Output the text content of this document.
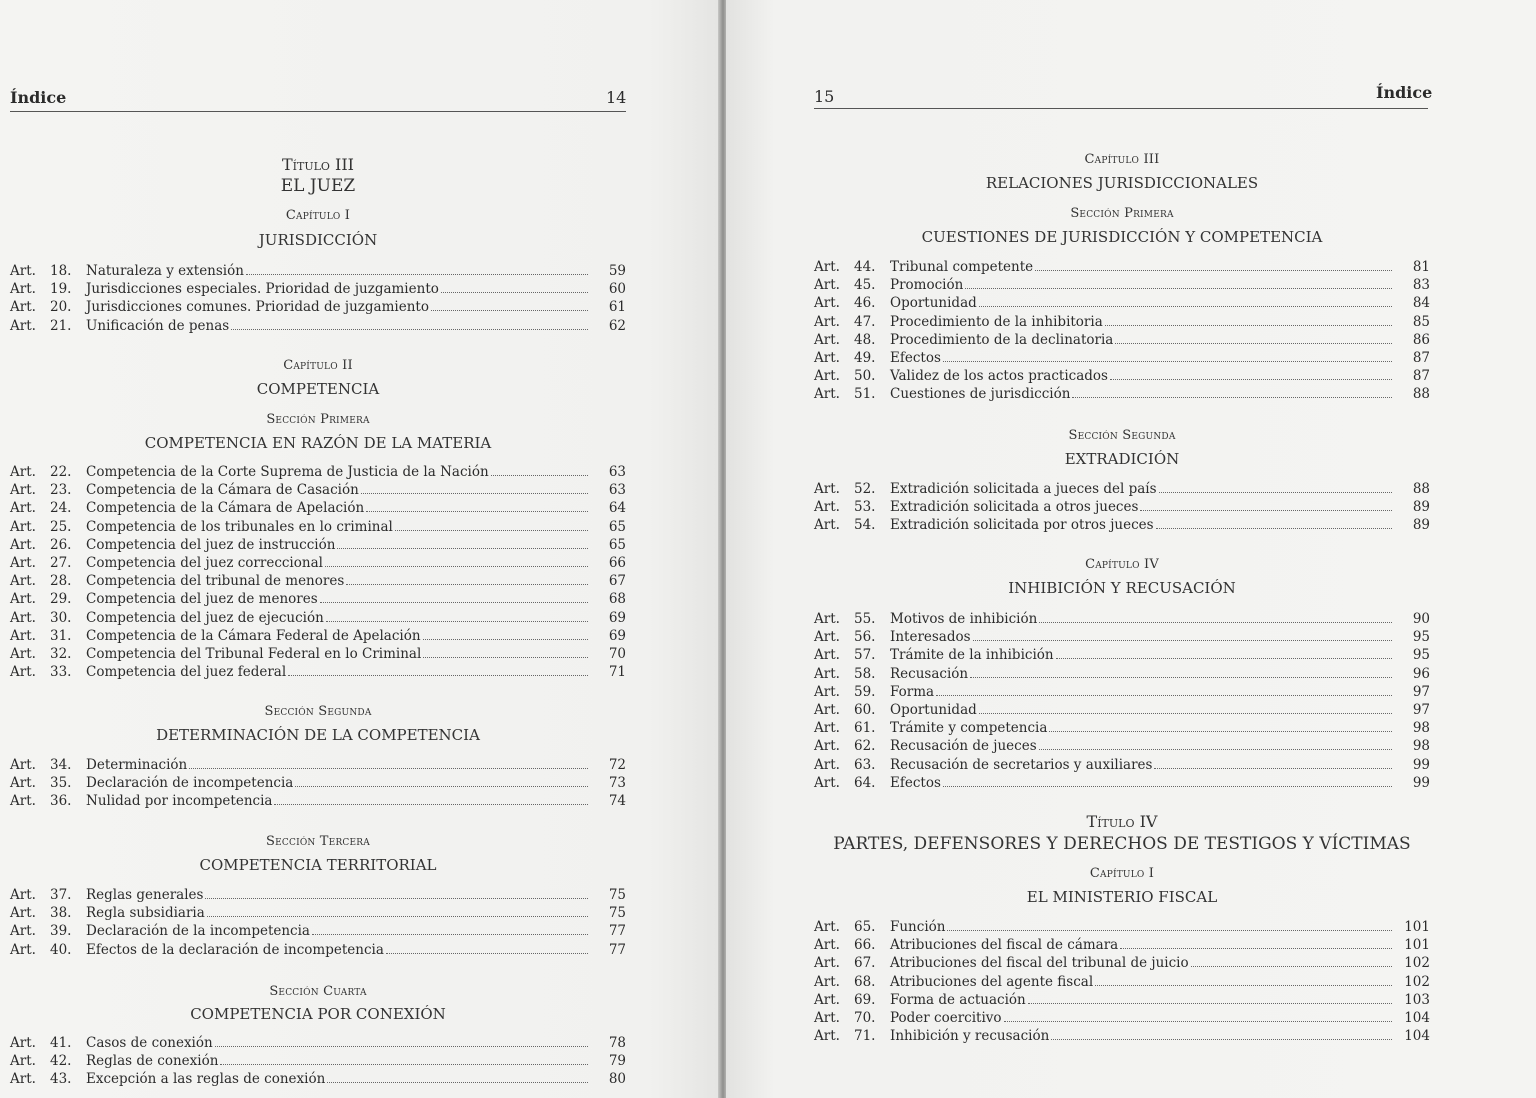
Índice	14
Título III
EL JUEZ
Capítulo I
JURISDICCIÓN
Art.	18.	Naturaleza y extensión	59
Art.	19.	Jurisdicciones especiales. Prioridad de juzgamiento	60
Art.	20.	Jurisdicciones comunes. Prioridad de juzgamiento	61
Art.	21.	Unificación de penas	62
Capítulo II
COMPETENCIA
Sección Primera
COMPETENCIA EN RAZÓN DE LA MATERIA
Art.	22.	Competencia de la Corte Suprema de Justicia de la Nación	63
Art.	23.	Competencia de la Cámara de Casación	63
Art.	24.	Competencia de la Cámara de Apelación	64
Art.	25.	Competencia de los tribunales en lo criminal	65
Art.	26.	Competencia del juez de instrucción	65
Art.	27.	Competencia del juez correccional	66
Art.	28.	Competencia del tribunal de menores	67
Art.	29.	Competencia del juez de menores	68
Art.	30.	Competencia del juez de ejecución	69
Art.	31.	Competencia de la Cámara Federal de Apelación	69
Art.	32.	Competencia del Tribunal Federal en lo Criminal	70
Art.	33.	Competencia del juez federal	71
Sección Segunda
DETERMINACIÓN DE LA COMPETENCIA
Art.	34.	Determinación	72
Art.	35.	Declaración de incompetencia	73
Art.	36.	Nulidad por incompetencia	74
Sección Tercera
COMPETENCIA TERRITORIAL
Art.	37.	Reglas generales	75
Art.	38.	Regla subsidiaria	75
Art.	39.	Declaración de la incompetencia	77
Art.	40.	Efectos de la declaración de incompetencia	77
Sección Cuarta
COMPETENCIA POR CONEXIÓN
Art.	41.	Casos de conexión	78
Art.	42.	Reglas de conexión	79
Art.	43.	Excepción a las reglas de conexión	80
15	Índice
Capítulo III
RELACIONES JURISDICCIONALES
Sección Primera
CUESTIONES DE JURISDICCIÓN Y COMPETENCIA
Art.	44.	Tribunal competente	81
Art.	45.	Promoción	83
Art.	46.	Oportunidad	84
Art.	47.	Procedimiento de la inhibitoria	85
Art.	48.	Procedimiento de la declinatoria	86
Art.	49.	Efectos	87
Art.	50.	Validez de los actos practicados	87
Art.	51.	Cuestiones de jurisdicción	88
Sección Segunda
EXTRADICIÓN
Art.	52.	Extradición solicitada a jueces del país	88
Art.	53.	Extradición solicitada a otros jueces	89
Art.	54.	Extradición solicitada por otros jueces	89
Capítulo IV
INHIBICIÓN Y RECUSACIÓN
Art.	55.	Motivos de inhibición	90
Art.	56.	Interesados	95
Art.	57.	Trámite de la inhibición	95
Art.	58.	Recusación	96
Art.	59.	Forma	97
Art.	60.	Oportunidad	97
Art.	61.	Trámite y competencia	98
Art.	62.	Recusación de jueces	98
Art.	63.	Recusación de secretarios y auxiliares	99
Art.	64.	Efectos	99
Título IV
PARTES, DEFENSORES Y DERECHOS DE TESTIGOS Y VÍCTIMAS
Capítulo I
EL MINISTERIO FISCAL
Art.	65.	Función	101
Art.	66.	Atribuciones del fiscal de cámara	101
Art.	67.	Atribuciones del fiscal del tribunal de juicio	102
Art.	68.	Atribuciones del agente fiscal	102
Art.	69.	Forma de actuación	103
Art.	70.	Poder coercitivo	104
Art.	71.	Inhibición y recusación	104
